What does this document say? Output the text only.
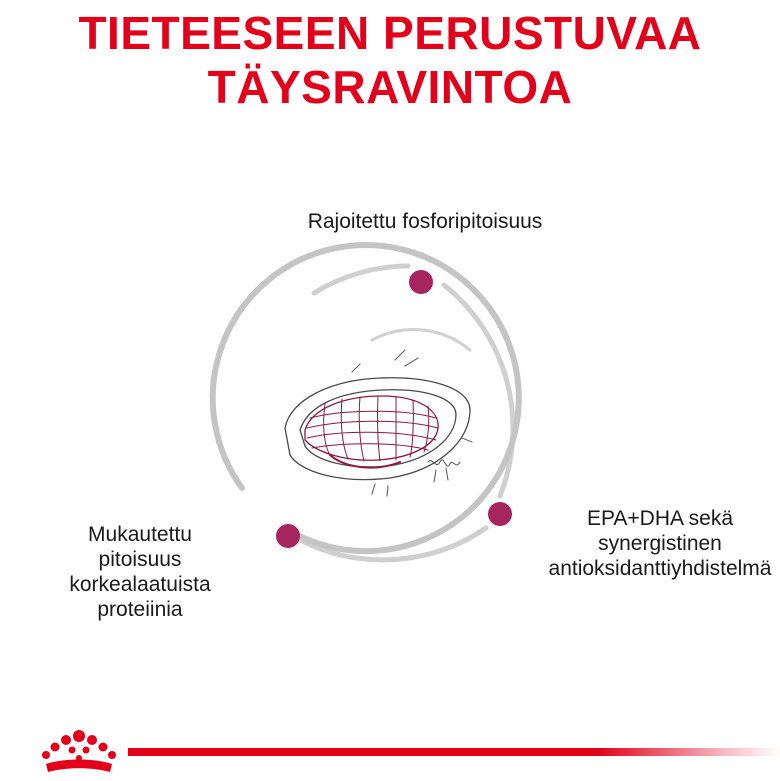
TIETEESEEN PERUSTUVAA
TÄYSRAVINTOA
Rajoitettu fosforipitoisuus
Mukautettu
pitoisuus
korkealaatuista
proteiinia
EPA+DHA sekä
synergistinen
antioksidanttiyhdistelmä
